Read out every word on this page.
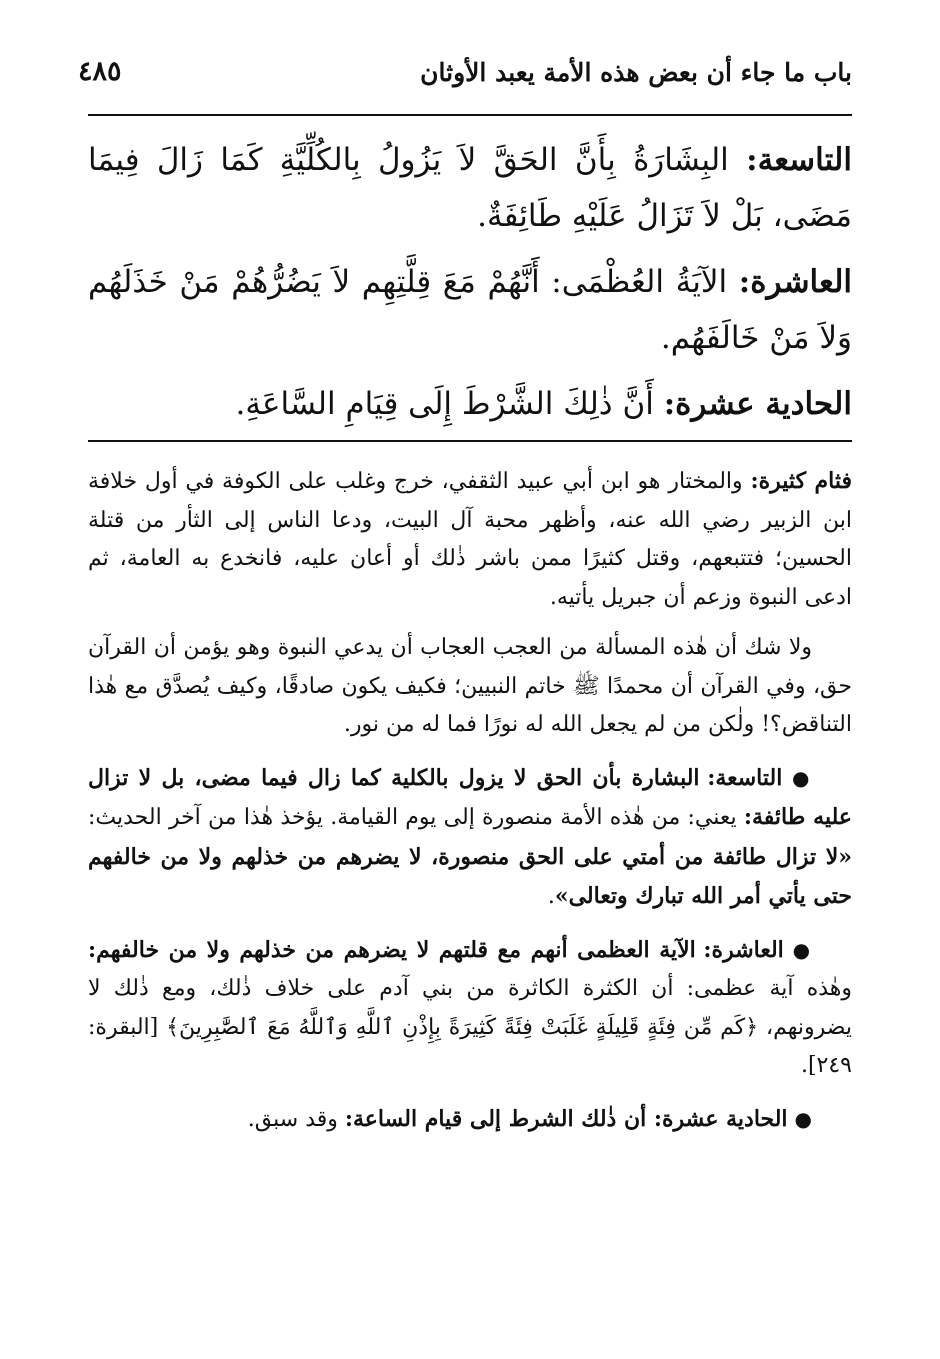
باب ما جاء أن بعض هذه الأمة يعبد الأوثان
٤٨٥

التاسعة: البِشَارَةُ بِأَنَّ الحَقَّ لاَ يَزُولُ بِالكُلِّيَّةِ كَمَا زَالَ فِيمَا مَضَى، بَلْ لاَ تَزَالُ عَلَيْهِ طَائِفَةٌ.

العاشرة: الآيَةُ العُظْمَى: أَنَّهُمْ مَعَ قِلَّتِهِم لاَ يَضُرُّهُمْ مَنْ خَذَلَهُم وَلاَ مَنْ خَالَفَهُم.

الحادية عشرة: أَنَّ ذٰلِكَ الشَّرْطَ إِلَى قِيَامِ السَّاعَةِ.

فثام كثيرة: والمختار هو ابن أبي عبيد الثقفي، خرج وغلب على الكوفة في أول خلافة ابن الزبير رضي الله عنه، وأظهر محبة آل البيت، ودعا الناس إلى الثأر من قتلة الحسين؛ فتتبعهم، وقتل كثيرًا ممن باشر ذٰلك أو أعان عليه، فانخدع به العامة، ثم ادعى النبوة وزعم أن جبريل يأتيه.

ولا شك أن هٰذه المسألة من العجب العجاب أن يدعي النبوة وهو يؤمن أن القرآن حق، وفي القرآن أن محمدًا ﷺ خاتم النبيين؛ فكيف يكون صادقًا، وكيف يُصدَّق مع هٰذا التناقض؟! ولٰكن من لم يجعل الله له نورًا فما له من نور.

● التاسعة: البشارة بأن الحق لا يزول بالكلية كما زال فيما مضى، بل لا تزال عليه طائفة: يعني: من هٰذه الأمة منصورة إلى يوم القيامة. يؤخذ هٰذا من آخر الحديث: «لا تزال طائفة من أمتي على الحق منصورة، لا يضرهم من خذلهم ولا من خالفهم حتى يأتي أمر الله تبارك وتعالى».

● العاشرة: الآية العظمى أنهم مع قلتهم لا يضرهم من خذلهم ولا من خالفهم: وهٰذه آية عظمى: أن الكثرة الكاثرة من بني آدم على خلاف ذٰلك، ومع ذٰلك لا يضرونهم، ﴿كَم مِّن فِئَةٍ قَلِيلَةٍ غَلَبَتْ فِئَةً كَثِيرَةً بِإِذْنِ ٱللَّهِ وَٱللَّهُ مَعَ ٱلصَّٰبِرِينَ﴾ [البقرة: ٢٤٩].

● الحادية عشرة: أن ذٰلك الشرط إلى قيام الساعة: وقد سبق.
